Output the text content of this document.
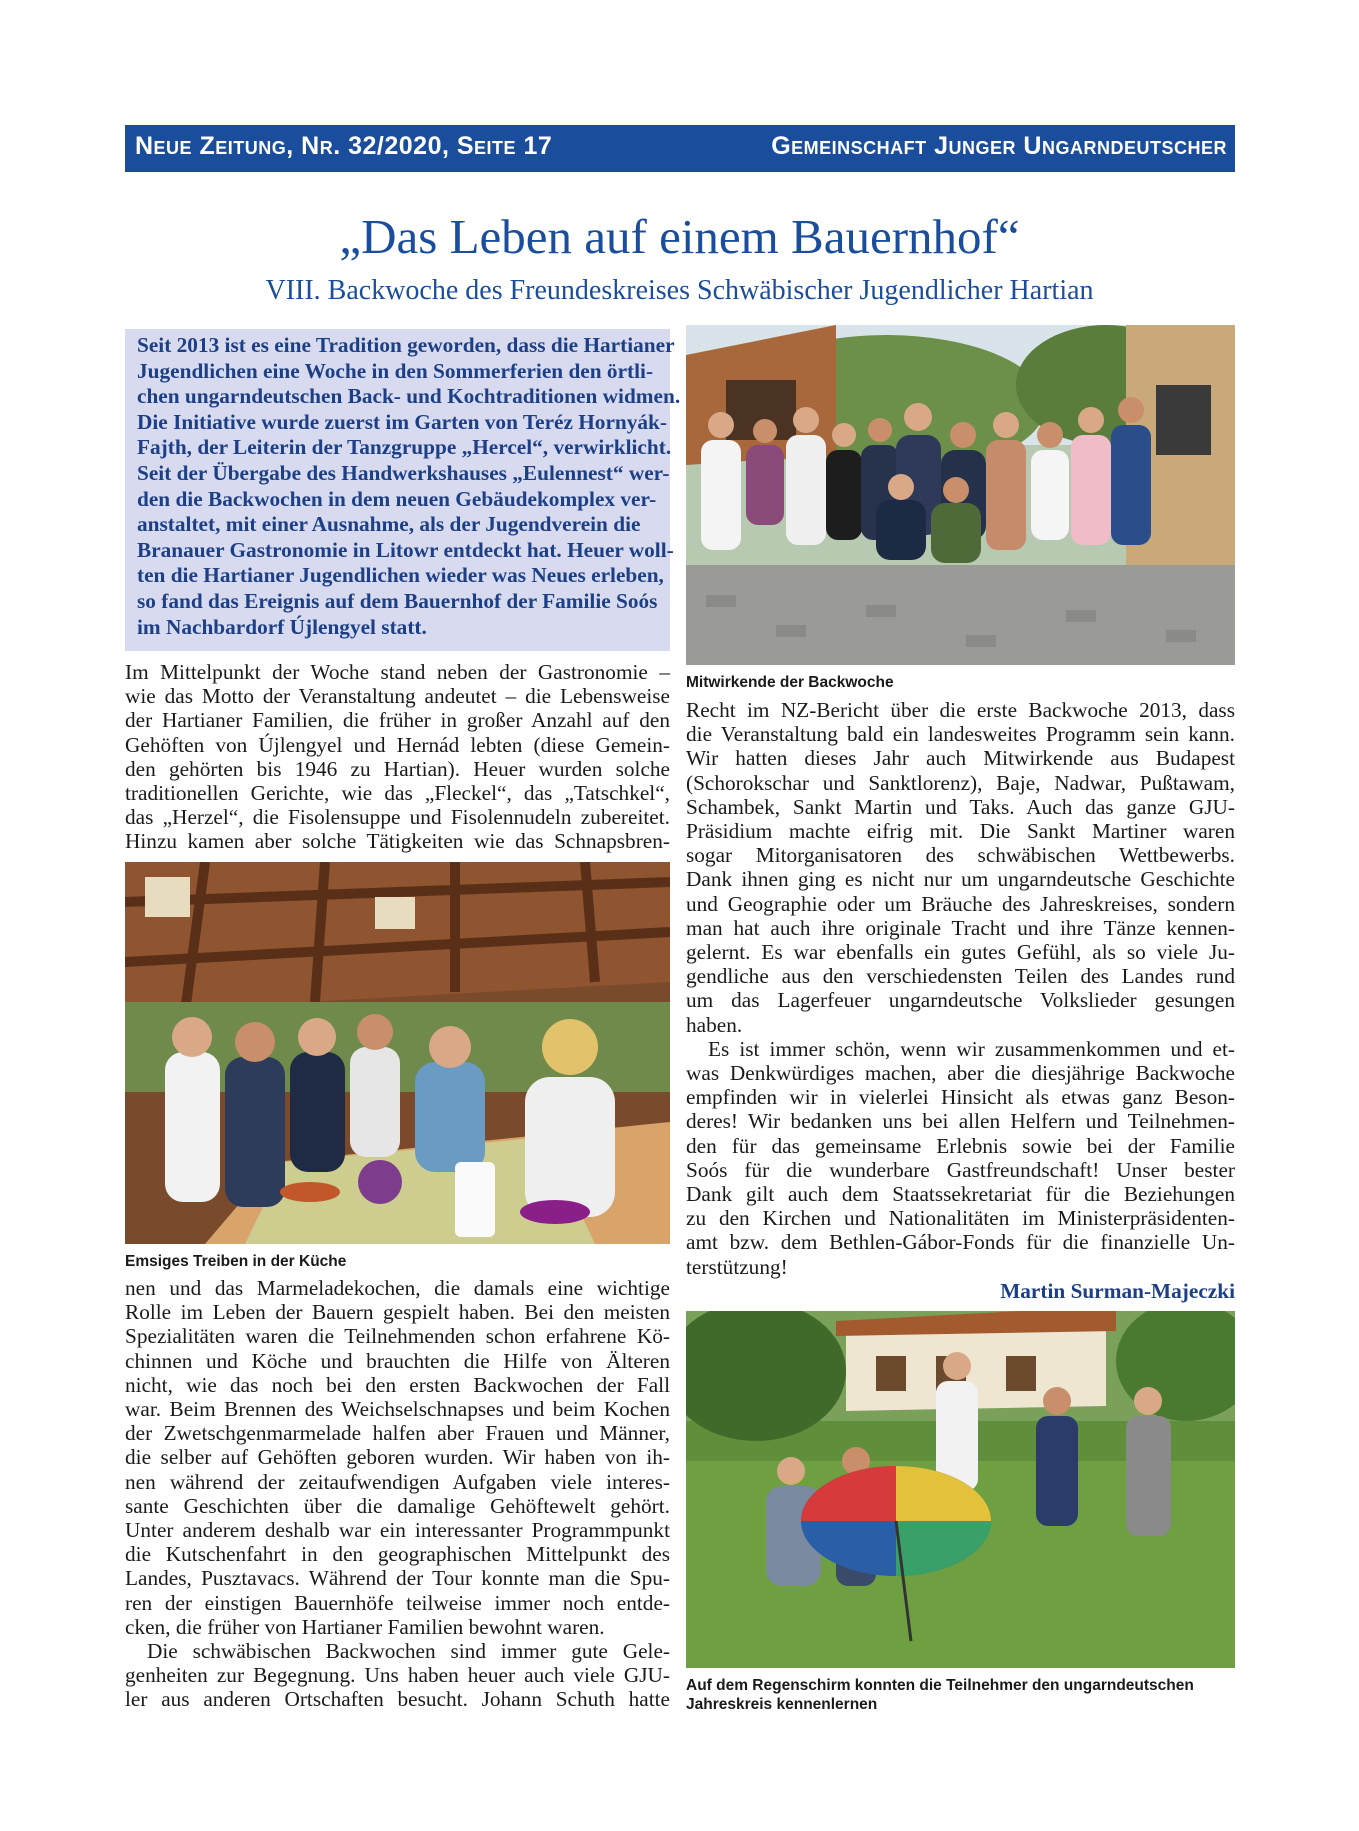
Neue Zeitung, Nr. 32/2020, Seite 17	Gemeinschaft Junger Ungarndeutscher
„Das Leben auf einem Bauernhof“
VIII. Backwoche des Freundeskreises Schwäbischer Jugendlicher Hartian
Seit 2013 ist es eine Tradition geworden, dass die Hartianer
Jugendlichen eine Woche in den Sommerferien den örtli-
chen ungarndeutschen Back- und Kochtraditionen widmen.
Die Initiative wurde zuerst im Garten von Teréz Hornyák-
Fajth, der Leiterin der Tanzgruppe „Hercel“, verwirklicht.
Seit der Übergabe des Handwerkshauses „Eulennest“ wer-
den die Backwochen in dem neuen Gebäudekomplex ver-
anstaltet, mit einer Ausnahme, als der Jugendverein die
Branauer Gastronomie in Litowr entdeckt hat. Heuer woll-
ten die Hartianer Jugendlichen wieder was Neues erleben,
so fand das Ereignis auf dem Bauernhof der Familie Soós
im Nachbardorf Újlengyel statt.
Im Mittelpunkt der Woche stand neben der Gastronomie –
wie das Motto der Veranstaltung andeutet – die Lebensweise
der Hartianer Familien, die früher in großer Anzahl auf den
Gehöften von Újlengyel und Hernád lebten (diese Gemein-
den gehörten bis 1946 zu Hartian). Heuer wurden solche
traditionellen Gerichte, wie das „Fleckel“, das „Tatschkel“,
das „Herzel“, die Fisolensuppe und Fisolennudeln zubereitet.
Hinzu kamen aber solche Tätigkeiten wie das Schnapsbren-
Emsiges Treiben in der Küche
nen und das Marmeladekochen, die damals eine wichtige
Rolle im Leben der Bauern gespielt haben. Bei den meisten
Spezialitäten waren die Teilnehmenden schon erfahrene Kö-
chinnen und Köche und brauchten die Hilfe von Älteren
nicht, wie das noch bei den ersten Backwochen der Fall
war. Beim Brennen des Weichselschnapses und beim Kochen
der Zwetschgenmarmelade halfen aber Frauen und Männer,
die selber auf Gehöften geboren wurden. Wir haben von ih-
nen während der zeitaufwendigen Aufgaben viele interes-
sante Geschichten über die damalige Gehöftewelt gehört.
Unter anderem deshalb war ein interessanter Programmpunkt
die Kutschenfahrt in den geographischen Mittelpunkt des
Landes, Pusztavacs. Während der Tour konnte man die Spu-
ren der einstigen Bauernhöfe teilweise immer noch entde-
cken, die früher von Hartianer Familien bewohnt waren.
Die schwäbischen Backwochen sind immer gute Gele-
genheiten zur Begegnung. Uns haben heuer auch viele GJU-
ler aus anderen Ortschaften besucht. Johann Schuth hatte
Mitwirkende der Backwoche
Recht im NZ-Bericht über die erste Backwoche 2013, dass
die Veranstaltung bald ein landesweites Programm sein kann.
Wir hatten dieses Jahr auch Mitwirkende aus Budapest
(Schorokschar und Sanktlorenz), Baje, Nadwar, Pußtawam,
Schambek, Sankt Martin und Taks. Auch das ganze GJU-
Präsidium machte eifrig mit. Die Sankt Martiner waren
sogar Mitorganisatoren des schwäbischen Wettbewerbs.
Dank ihnen ging es nicht nur um ungarndeutsche Geschichte
und Geographie oder um Bräuche des Jahreskreises, sondern
man hat auch ihre originale Tracht und ihre Tänze kennen-
gelernt. Es war ebenfalls ein gutes Gefühl, als so viele Ju-
gendliche aus den verschiedensten Teilen des Landes rund
um das Lagerfeuer ungarndeutsche Volkslieder gesungen
haben.
Es ist immer schön, wenn wir zusammenkommen und et-
was Denkwürdiges machen, aber die diesjährige Backwoche
empfinden wir in vielerlei Hinsicht als etwas ganz Beson-
deres! Wir bedanken uns bei allen Helfern und Teilnehmen-
den für das gemeinsame Erlebnis sowie bei der Familie
Soós für die wunderbare Gastfreundschaft! Unser bester
Dank gilt auch dem Staatssekretariat für die Beziehungen
zu den Kirchen und Nationalitäten im Ministerpräsidenten-
amt bzw. dem Bethlen-Gábor-Fonds für die finanzielle Un-
terstützung!
Martin Surman-Majeczki
Auf dem Regenschirm konnten die Teilnehmer den ungarndeutschen
Jahreskreis kennenlernen
